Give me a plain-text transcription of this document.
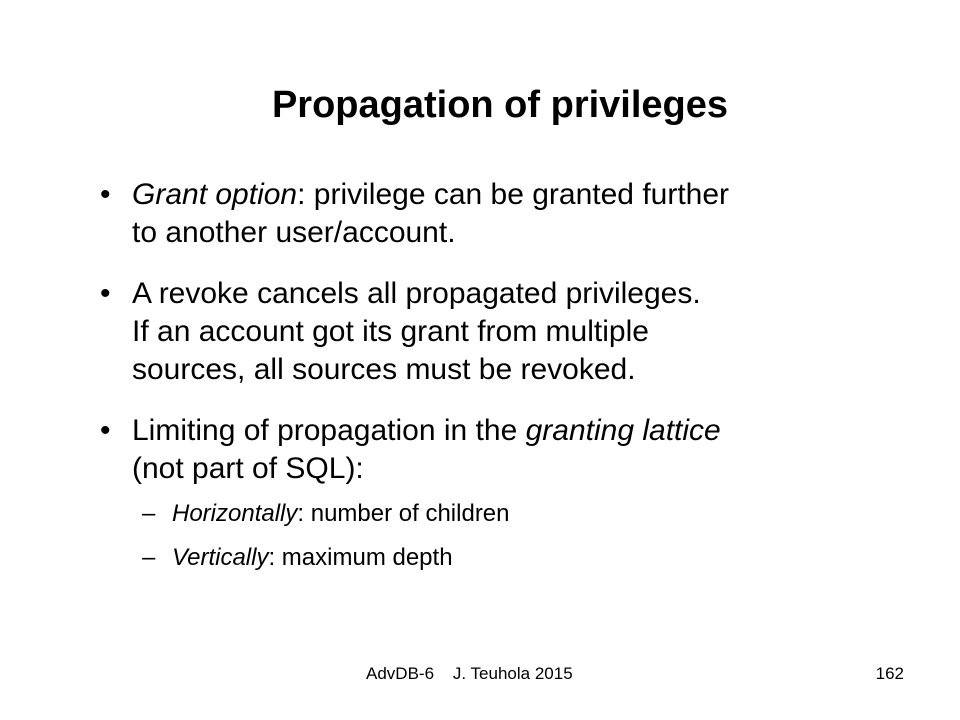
Propagation of privileges
• Grant option: privilege can be granted further
to another user/account.
• A revoke cancels all propagated privileges.
If an account got its grant from multiple
sources, all sources must be revoked.
• Limiting of propagation in the granting lattice
(not part of SQL):
– Horizontally: number of children
– Vertically: maximum depth
AdvDB-6    J. Teuhola 2015	162
